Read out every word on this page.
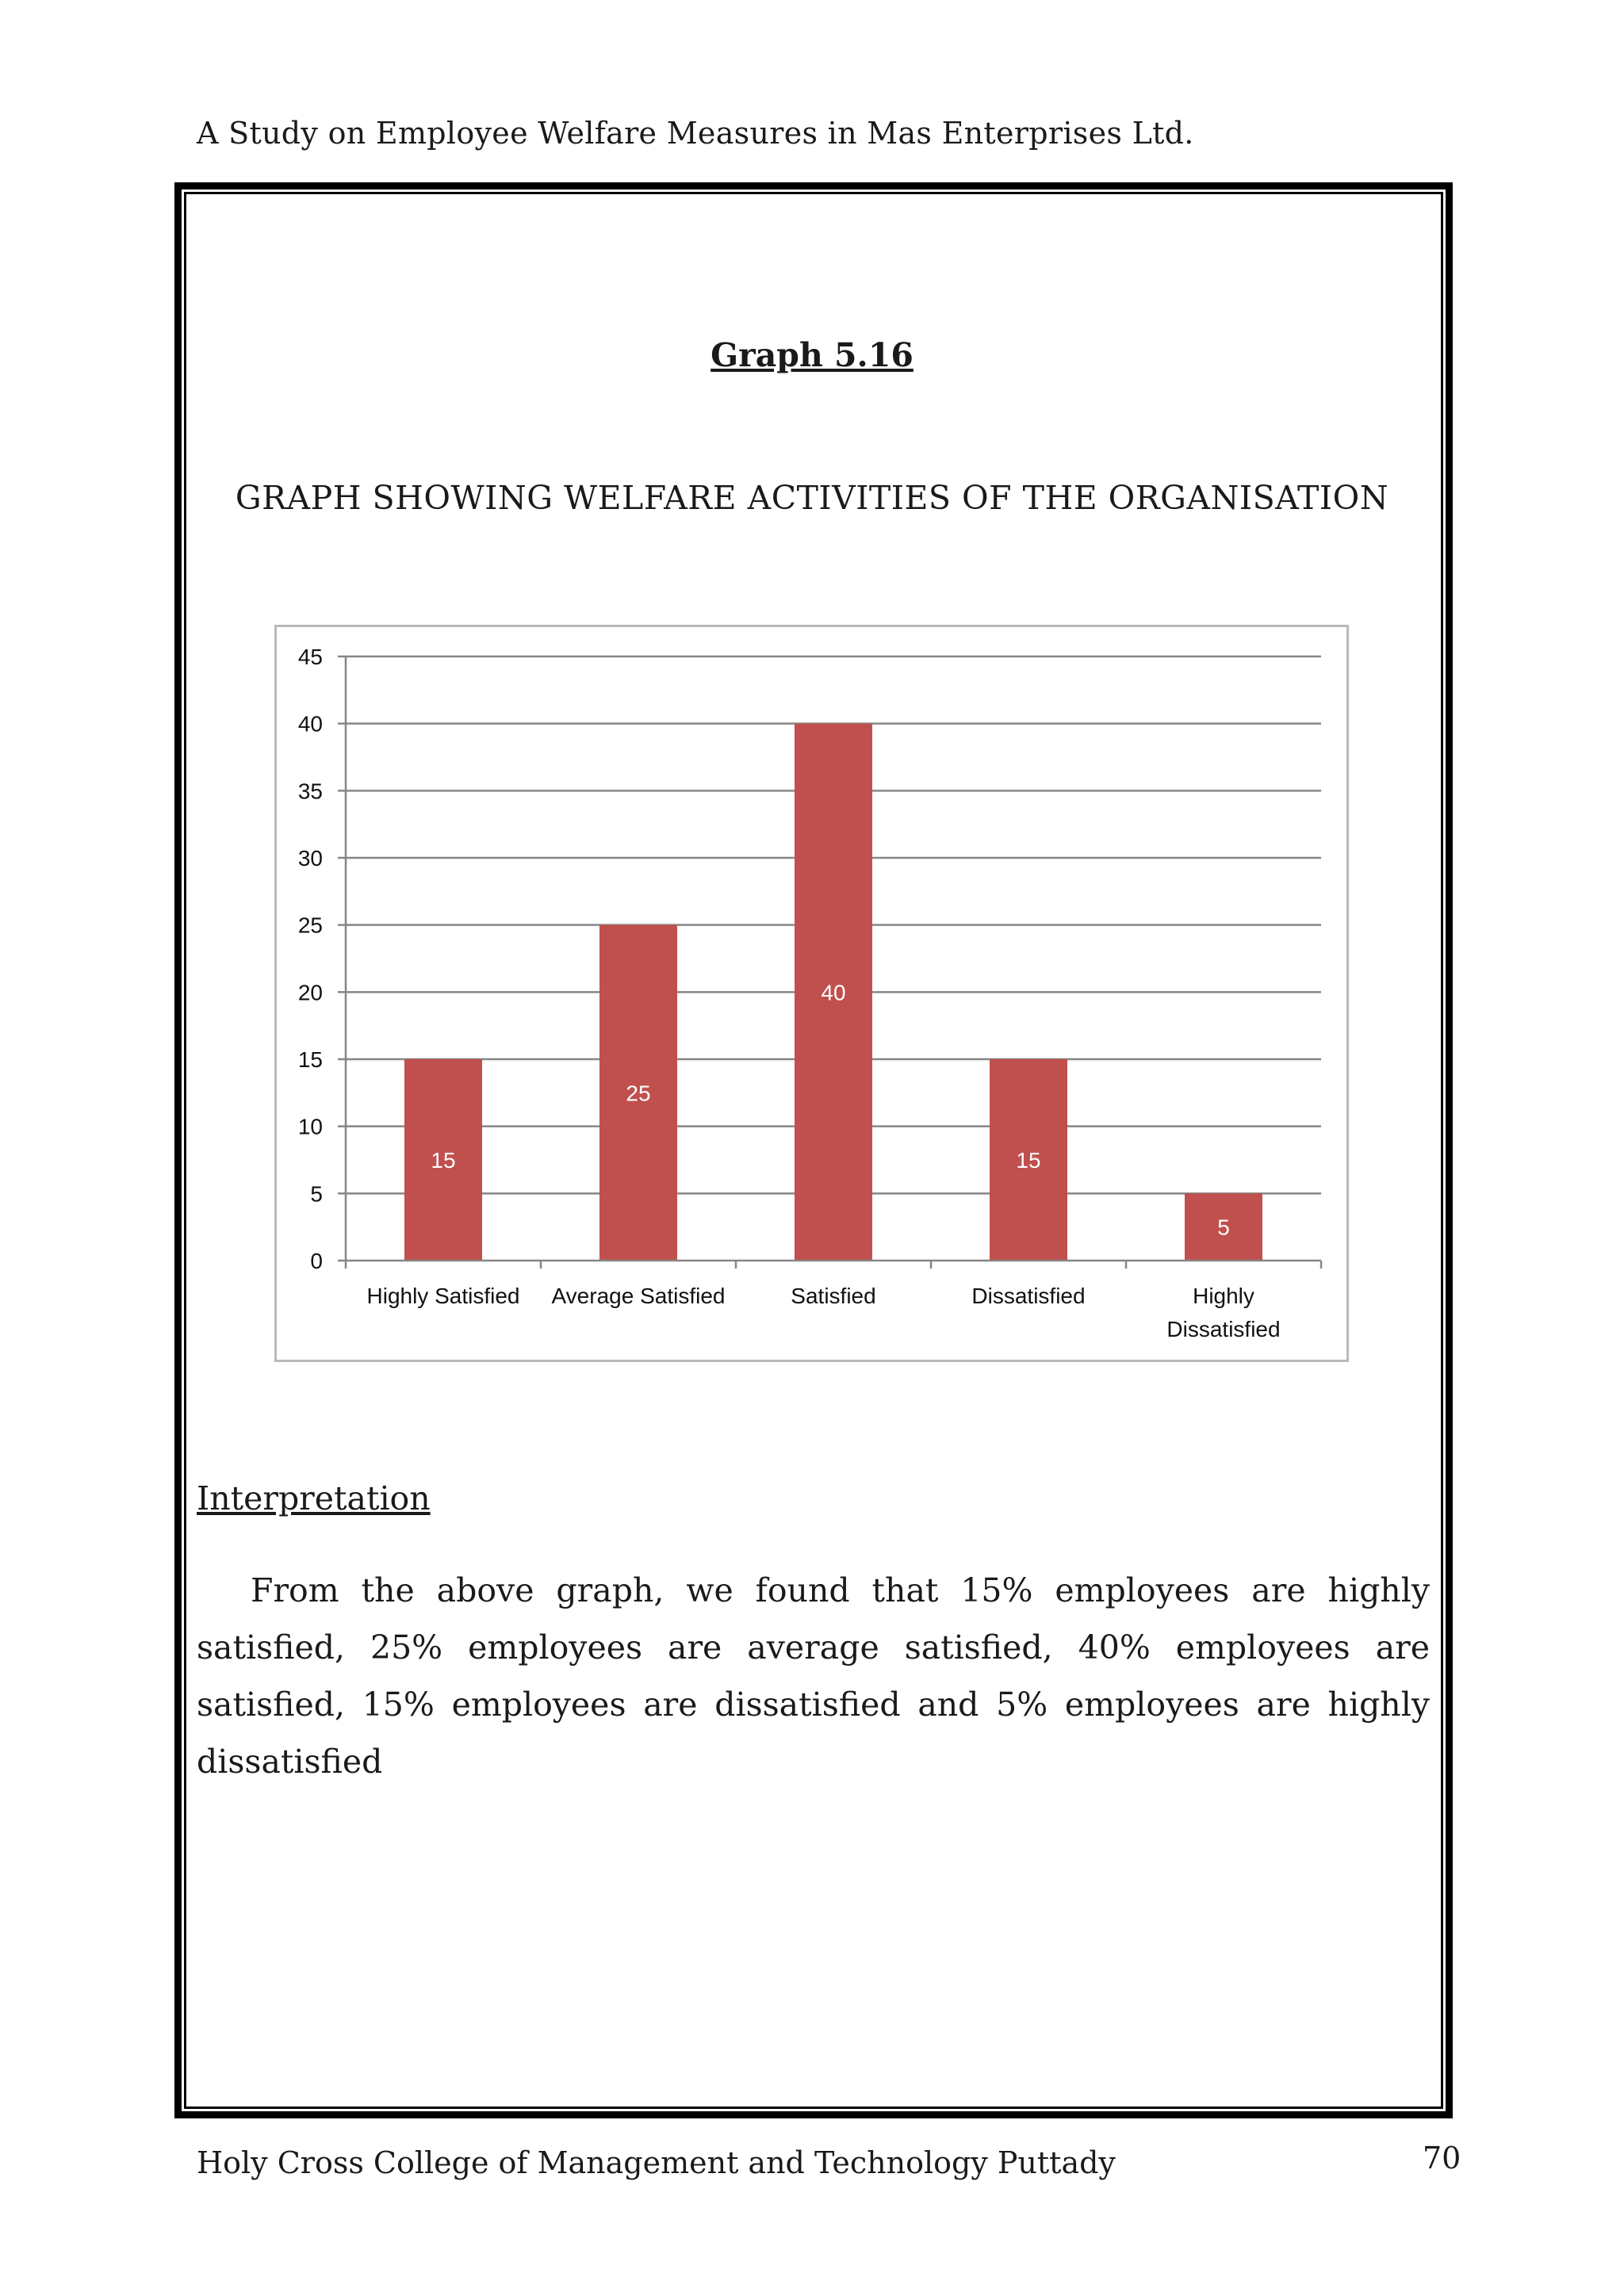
A Study on Employee Welfare Measures in Mas Enterprises Ltd.
Graph 5.16
GRAPH SHOWING WELFARE ACTIVITIES OF THE ORGANISATION
0
5
10
15
20
25
30
35
40
45
15
25
40
15
5
Highly Satisfied Average Satisfied	Satisfied	Dissatisfied	Highly Dissatisfied
Interpretation

From the above graph, we found that 15% employees are highly satisfied, 25% employees are average satisfied, 40% employees are satisfied, 15% employees are dissatisfied and 5% employees are highly dissatisfied

Holy Cross College of Management and Technology Puttady	70
